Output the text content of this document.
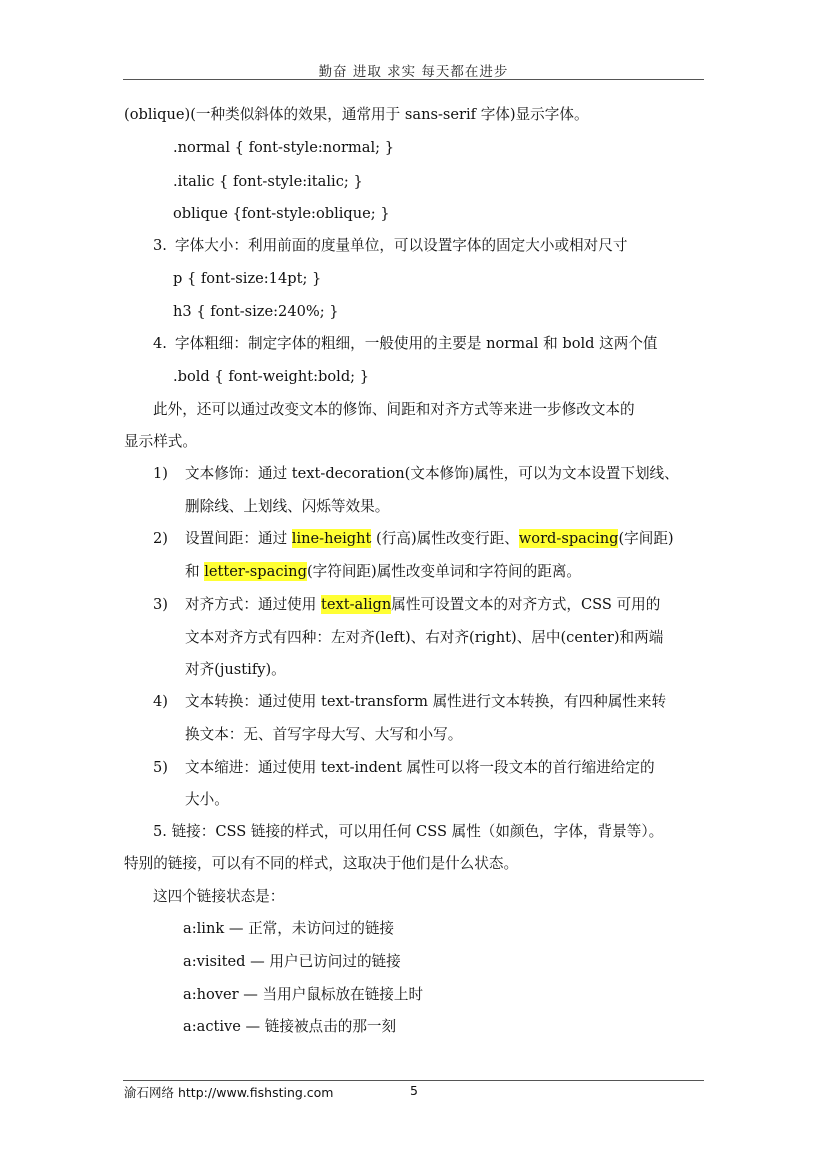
勤奋 进取 求实 每天都在进步
(oblique)(一种类似斜体的效果，通常用于 sans-serif 字体)显示字体。
.normal { font-style:normal; }
.italic { font-style:italic; }
oblique {font-style:oblique; }
3. 字体大小：利用前面的度量单位，可以设置字体的固定大小或相对尺寸
p { font-size:14pt; }
h3 { font-size:240%; }
4. 字体粗细：制定字体的粗细，一般使用的主要是 normal 和 bold 这两个值
.bold { font-weight:bold; }
此外，还可以通过改变文本的修饰、间距和对齐方式等来进一步修改文本的
显示样式。
1) 文本修饰：通过 text-decoration(文本修饰)属性，可以为文本设置下划线、
删除线、上划线、闪烁等效果。
2) 设置间距：通过 line-height (行高)属性改变行距、word-spacing(字间距)
和 letter-spacing(字符间距)属性改变单词和字符间的距离。
3) 对齐方式：通过使用 text-align属性可设置文本的对齐方式，CSS 可用的
文本对齐方式有四种：左对齐(left)、右对齐(right)、居中(center)和两端
对齐(justify)。
4) 文本转换：通过使用 text-transform 属性进行文本转换，有四种属性来转
换文本：无、首写字母大写、大写和小写。
5) 文本缩进：通过使用 text-indent 属性可以将一段文本的首行缩进给定的
大小。
5. 链接：CSS 链接的样式，可以用任何 CSS 属性（如颜色，字体，背景等）。
特别的链接，可以有不同的样式，这取决于他们是什么状态。
这四个链接状态是：
a:link — 正常，未访问过的链接
a:visited — 用户已访问过的链接
a:hover — 当用户鼠标放在链接上时
a:active — 链接被点击的那一刻
渝石网络 http://www.fishsting.com	5
